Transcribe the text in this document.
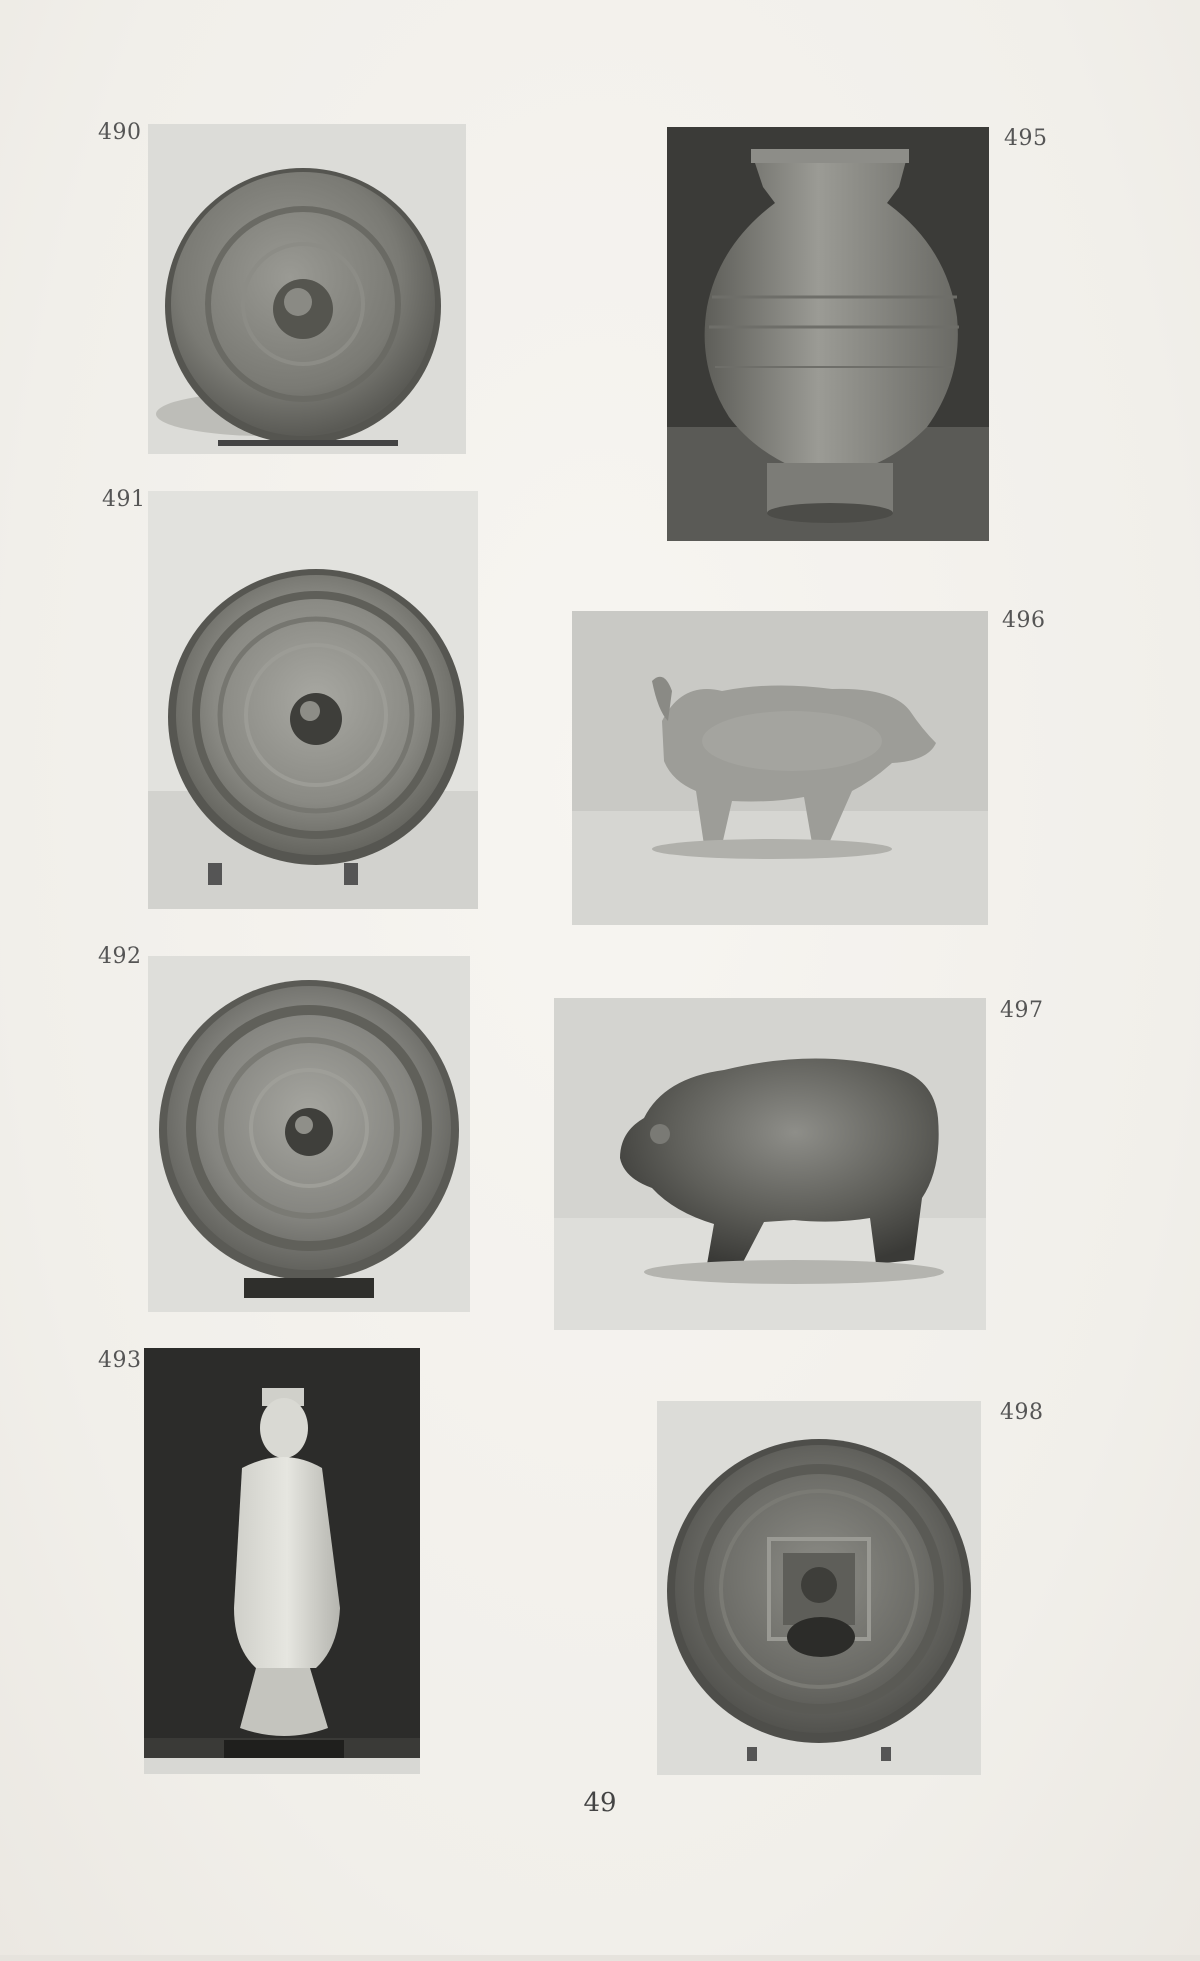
490
491
492
493
495
496
497
498
49
